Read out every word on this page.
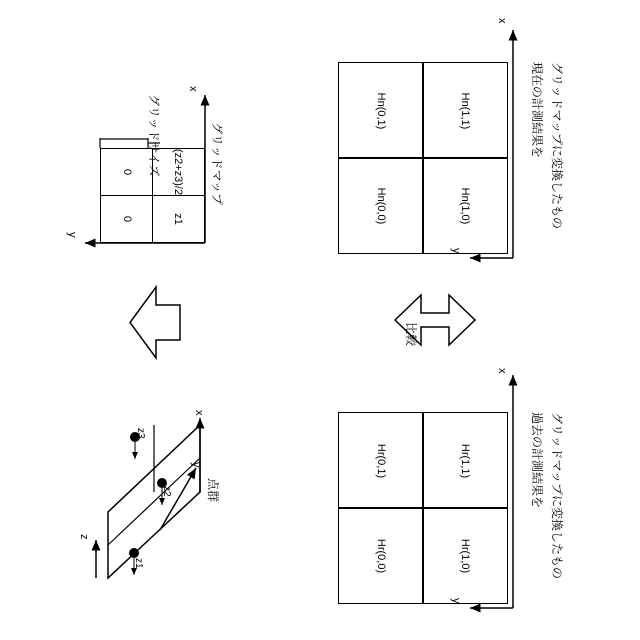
0	(z2+z3)/2
0	z1
グリッドサイズ	グリッドマップ
x
y
点群
x
y
z
z1
z2
z3
比較
Hn(0,1)	Hn(1,1)
Hn(0,0)	Hn(1,0)
x
y
現在の計測結果を グリッドマップに変換したもの
Hr(0,1)	Hr(1,1)
Hr(0,0)	Hr(1,0)
x
y
過去の計測結果を グリッドマップに変換したもの
